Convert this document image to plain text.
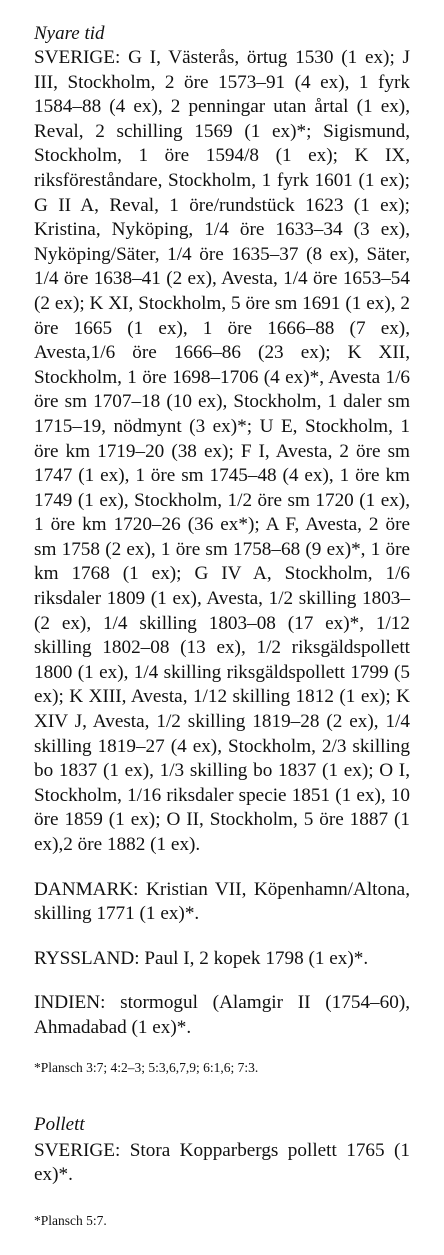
Nyare tid

SVERIGE: G I, Västerås, örtug 1530 (1 ex); J III, Stockholm, 2 öre 1573–91 (4 ex), 1 fyrk 1584–88 (4 ex), 2 penningar utan årtal (1 ex), Reval, 2 schilling 1569 (1 ex)*; Sigismund, Stockholm, 1 öre 1594/8 (1 ex); K IX, riksföreståndare, Stockholm, 1 fyrk 1601 (1 ex); G II A, Reval, 1 öre/rundstück 1623 (1 ex); Kristina, Nyköping, 1/4 öre 1633–34 (3 ex), Nyköping/Säter, 1/4 öre 1635–37 (8 ex), Säter, 1/4 öre 1638–41 (2 ex), Avesta, 1/4 öre 1653–54 (2 ex); K XI, Stockholm, 5 öre sm 1691 (1 ex), 2 öre 1665 (1 ex), 1 öre 1666–88 (7 ex), Avesta,1/6 öre 1666–86 (23 ex); K XII, Stockholm, 1 öre 1698–1706 (4 ex)*, Avesta 1/6 öre sm 1707–18 (10 ex), Stockholm, 1 daler sm 1715–19, nödmynt (3 ex)*; U E, Stockholm, 1 öre km 1719–20 (38 ex); F I, Avesta, 2 öre sm 1747 (1 ex), 1 öre sm 1745–48 (4 ex), 1 öre km 1749 (1 ex), Stockholm, 1/2 öre sm 1720 (1 ex), 1 öre km 1720–26 (36 ex*); A F, Avesta, 2 öre sm 1758 (2 ex), 1 öre sm 1758–68 (9 ex)*, 1 öre km 1768 (1 ex); G IV A, Stockholm, 1/6 riksdaler 1809 (1 ex), Avesta, 1/2 skilling 1803– (2 ex), 1/4 skilling 1803–08 (17 ex)*, 1/12 skilling 1802–08 (13 ex), 1/2 riksgäldspollett 1800 (1 ex), 1/4 skilling riksgäldspollett 1799 (5 ex); K XIII, Avesta, 1/12 skilling 1812 (1 ex); K XIV J, Avesta, 1/2 skilling 1819–28 (2 ex), 1/4 skilling 1819–27 (4 ex), Stockholm, 2/3 skilling bo 1837 (1 ex), 1/3 skilling bo 1837 (1 ex); O I, Stockholm, 1/16 riksdaler specie 1851 (1 ex), 10 öre 1859 (1 ex); O II, Stockholm, 5 öre 1887 (1 ex),2 öre 1882 (1 ex).

DANMARK: Kristian VII, Köpenhamn/Altona, skilling 1771 (1 ex)*.

RYSSLAND: Paul I, 2 kopek 1798 (1 ex)*.

INDIEN: stormogul (Alamgir II (1754–60), Ahmadabad (1 ex)*.

*Plansch 3:7; 4:2–3; 5:3,6,7,9; 6:1,6; 7:3.

Pollett

SVERIGE: Stora Kopparbergs pollett 1765 (1 ex)*.

*Plansch 5:7.
